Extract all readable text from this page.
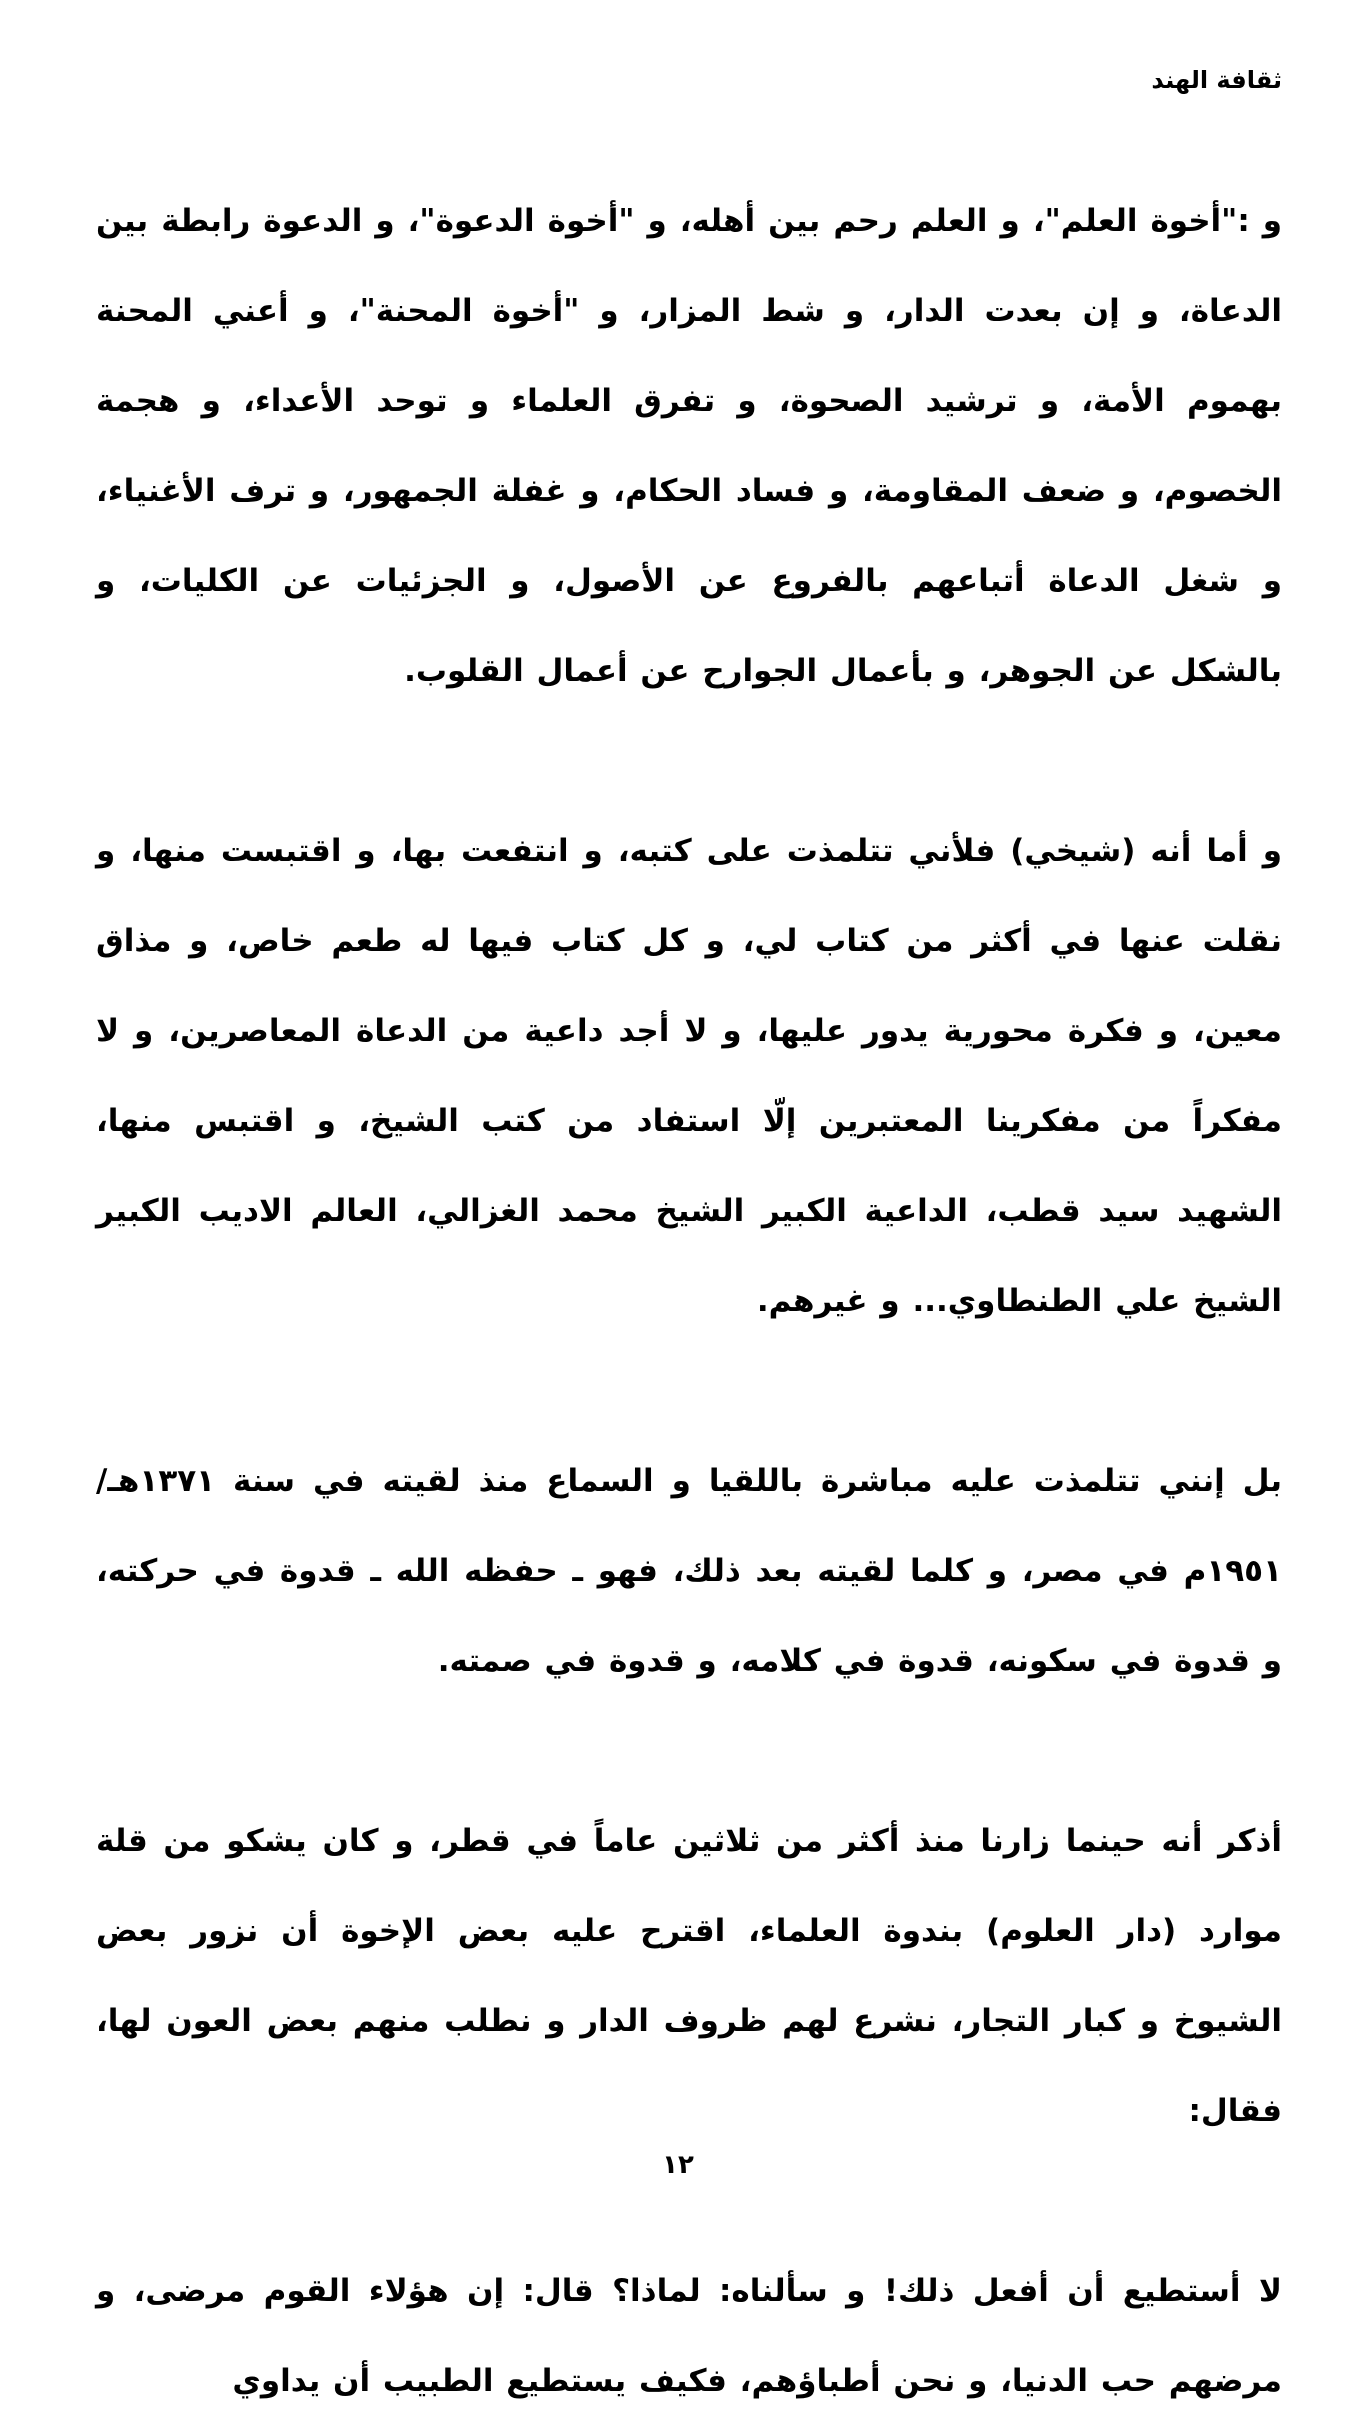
ثقافة الهند

و :"أخوة العلم"، و العلم رحم بين أهله، و "أخوة الدعوة"، و الدعوة رابطة بين الدعاة، و إن بعدت الدار، و شط المزار، و "أخوة المحنة"، و أعني المحنة بهموم الأمة، و ترشيد الصحوة، و تفرق العلماء و توحد الأعداء، و هجمة الخصوم، و ضعف المقاومة، و فساد الحكام، و غفلة الجمهور، و ترف الأغنياء، و شغل الدعاة أتباعهم بالفروع عن الأصول، و الجزئيات عن الكليات، و بالشكل عن الجوهر، و بأعمال الجوارح عن أعمال القلوب.

و أما أنه (شيخي) فلأني تتلمذت على كتبه، و انتفعت بها، و اقتبست منها، و نقلت عنها في أكثر من كتاب لي، و كل كتاب فيها له طعم خاص، و مذاق معين، و فكرة محورية يدور عليها، و لا أجد داعية من الدعاة المعاصرين، و لا مفكراً من مفكرينا المعتبرين إلّا استفاد من كتب الشيخ، و اقتبس منها، الشهيد سيد قطب، الداعية الكبير الشيخ محمد الغزالي، العالم الاديب الكبير الشيخ علي الطنطاوي... و غيرهم.

بل إنني تتلمذت عليه مباشرة باللقيا و السماع منذ لقيته في سنة ١٣٧١هـ/١٩٥١م في مصر، و كلما لقيته بعد ذلك، فهو ـ حفظه الله ـ قدوة في حركته، و قدوة في سكونه، قدوة في كلامه، و قدوة في صمته.

أذكر أنه حينما زارنا منذ أكثر من ثلاثين عاماً في قطر، و كان يشكو من قلة موارد (دار العلوم) بندوة العلماء، اقترح عليه بعض الإخوة أن نزور بعض الشيوخ و كبار التجار، نشرع لهم ظروف الدار و نطلب منهم بعض العون لها، فقال:

لا أستطيع أن أفعل ذلك! و سألناه: لماذا؟ قال: إن هؤلاء القوم مرضى، و مرضهم حب الدنيا، و نحن أطباؤهم، فكيف يستطيع الطبيب أن يداوي

١٢
